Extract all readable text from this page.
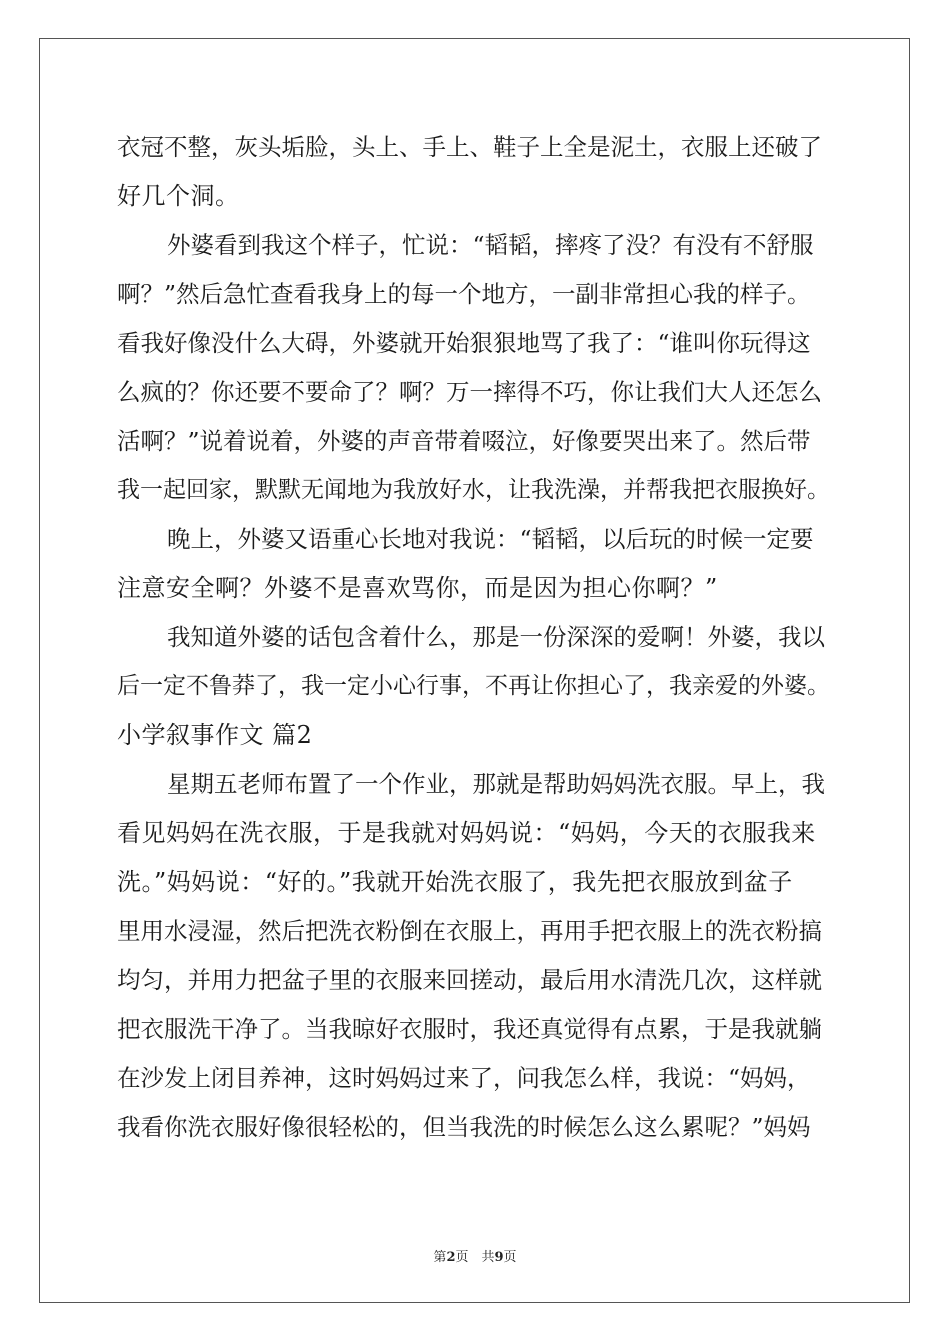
衣冠不整，灰头垢脸，头上、手上、鞋子上全是泥土，衣服上还破了

好几个洞。

外婆看到我这个样子，忙说：“韬韬，摔疼了没？有没有不舒服

啊？”然后急忙查看我身上的每一个地方，一副非常担心我的样子。

看我好像没什么大碍，外婆就开始狠狠地骂了我了：“谁叫你玩得这

么疯的？你还要不要命了？啊？万一摔得不巧，你让我们大人还怎么

活啊？”说着说着，外婆的声音带着啜泣，好像要哭出来了。然后带

我一起回家，默默无闻地为我放好水，让我洗澡，并帮我把衣服换好。

晚上，外婆又语重心长地对我说：“韬韬，以后玩的时候一定要

注意安全啊？外婆不是喜欢骂你，而是因为担心你啊？”

我知道外婆的话包含着什么，那是一份深深的爱啊！外婆，我以

后一定不鲁莽了，我一定小心行事，不再让你担心了，我亲爱的外婆。

小学叙事作文 篇2

星期五老师布置了一个作业，那就是帮助妈妈洗衣服。早上，我

看见妈妈在洗衣服，于是我就对妈妈说：“妈妈，今天的衣服我来

洗。”妈妈说：“好的。”我就开始洗衣服了，我先把衣服放到盆子

里用水浸湿，然后把洗衣粉倒在衣服上，再用手把衣服上的洗衣粉搞

均匀，并用力把盆子里的衣服来回搓动，最后用水清洗几次，这样就

把衣服洗干净了。当我晾好衣服时，我还真觉得有点累，于是我就躺

在沙发上闭目养神，这时妈妈过来了，问我怎么样，我说：“妈妈，

我看你洗衣服好像很轻松的，但当我洗的时候怎么这么累呢？”妈妈

第2页　共9页
